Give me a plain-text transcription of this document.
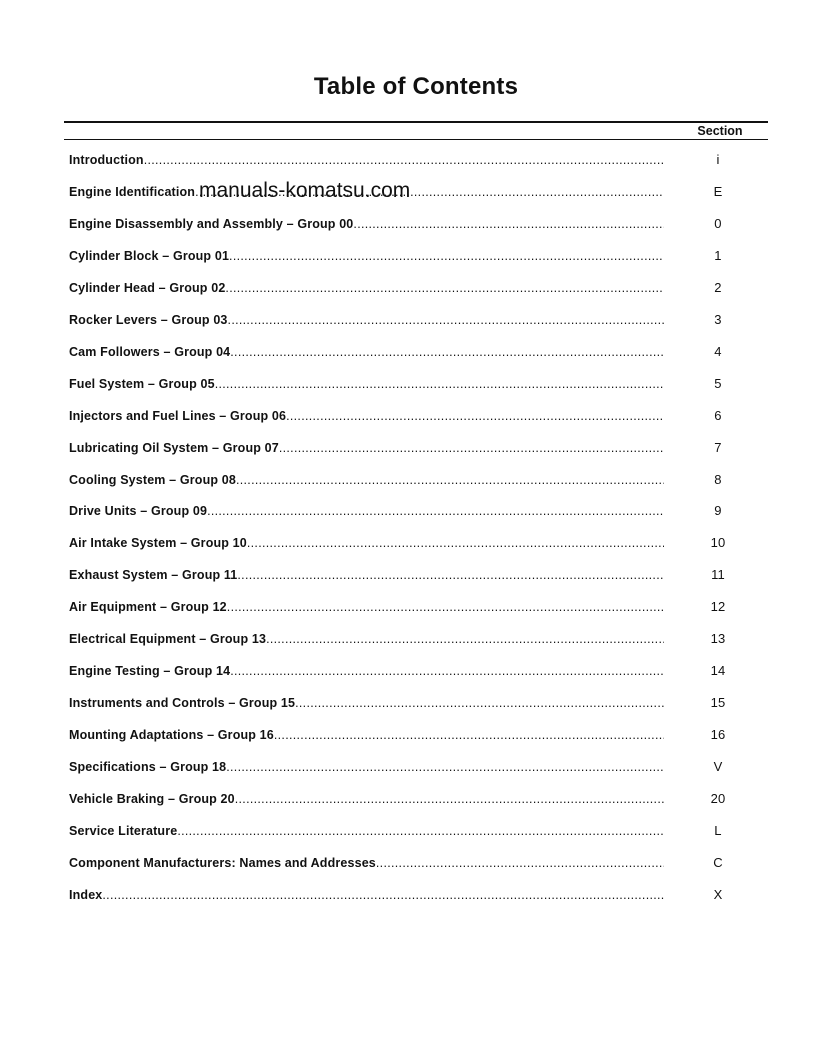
Table of Contents
Section
Introduction .....	i
Engine Identification .....	E
Engine Disassembly and Assembly – Group 00 .....	0
Cylinder Block – Group 01 .....	1
Cylinder Head – Group 02 .....	2
Rocker Levers – Group 03 .....	3
Cam Followers – Group 04 .....	4
Fuel System – Group 05 .....	5
Injectors and Fuel Lines – Group 06 .....	6
Lubricating Oil System – Group 07 .....	7
Cooling System – Group 08 .....	8
Drive Units – Group 09 .....	9
Air Intake System – Group 10 .....	10
Exhaust System – Group 11 .....	11
Air Equipment – Group 12 .....	12
Electrical Equipment – Group 13 .....	13
Engine Testing – Group 14 .....	14
Instruments and Controls – Group 15 .....	15
Mounting Adaptations – Group 16 .....	16
Specifications – Group 18 .....	V
Vehicle Braking – Group 20 .....	20
Service Literature .....	L
Component Manufacturers: Names and Addresses .....	C
Index .....	X
manuals-komatsu.com
